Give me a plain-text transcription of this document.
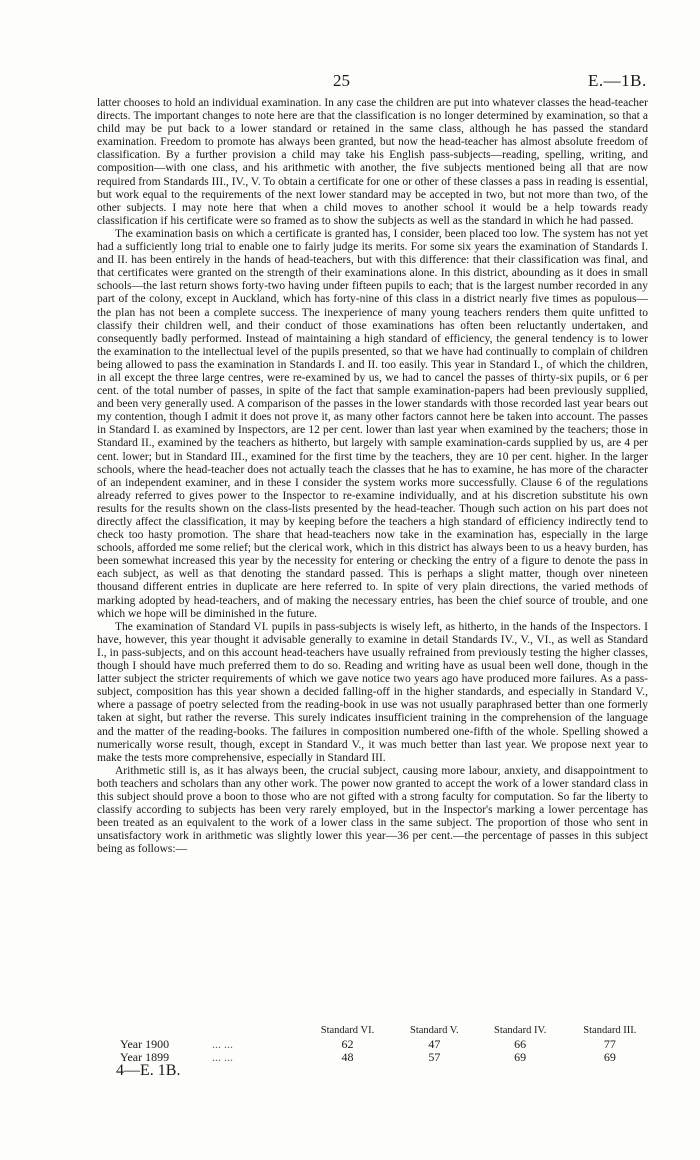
25	E.—1B.

latter chooses to hold an individual examination. In any case the children are put into whatever classes the head-teacher directs. The important changes to note here are that the classification is no longer determined by examination, so that a child may be put back to a lower standard or retained in the same class, although he has passed the standard examination. Freedom to promote has always been granted, but now the head-teacher has almost absolute freedom of classification. By a further provision a child may take his English pass-subjects—reading, spelling, writing, and composition—with one class, and his arithmetic with another, the five subjects mentioned being all that are now required from Standards III., IV., V. To obtain a certificate for one or other of these classes a pass in reading is essential, but work equal to the requirements of the next lower standard may be accepted in two, but not more than two, of the other subjects. I may note here that when a child moves to another school it would be a help towards ready classification if his certificate were so framed as to show the subjects as well as the standard in which he had passed.

The examination basis on which a certificate is granted has, I consider, been placed too low. The system has not yet had a sufficiently long trial to enable one to fairly judge its merits. For some six years the examination of Standards I. and II. has been entirely in the hands of head-teachers, but with this difference: that their classification was final, and that certificates were granted on the strength of their examinations alone. In this district, abounding as it does in small schools—the last return shows forty-two having under fifteen pupils to each; that is the largest number recorded in any part of the colony, except in Auckland, which has forty-nine of this class in a district nearly five times as populous—the plan has not been a complete success. The inexperience of many young teachers renders them quite unfitted to classify their children well, and their conduct of those examinations has often been reluctantly undertaken, and consequently badly performed. Instead of maintaining a high standard of efficiency, the general tendency is to lower the examination to the intellectual level of the pupils presented, so that we have had continually to complain of children being allowed to pass the examination in Standards I. and II. too easily. This year in Standard I., of which the children, in all except the three large centres, were re-examined by us, we had to cancel the passes of thirty-six pupils, or 6 per cent. of the total number of passes, in spite of the fact that sample examination-papers had been previously supplied, and been very generally used. A comparison of the passes in the lower standards with those recorded last year bears out my contention, though I admit it does not prove it, as many other factors cannot here be taken into account. The passes in Standard I. as examined by Inspectors, are 12 per cent. lower than last year when examined by the teachers; those in Standard II., examined by the teachers as hitherto, but largely with sample examination-cards supplied by us, are 4 per cent. lower; but in Standard III., examined for the first time by the teachers, they are 10 per cent. higher. In the larger schools, where the head-teacher does not actually teach the classes that he has to examine, he has more of the character of an independent examiner, and in these I consider the system works more successfully. Clause 6 of the regulations already referred to gives power to the Inspector to re-examine individually, and at his discretion substitute his own results for the results shown on the class-lists presented by the head-teacher. Though such action on his part does not directly affect the classification, it may by keeping before the teachers a high standard of efficiency indirectly tend to check too hasty promotion. The share that head-teachers now take in the examination has, especially in the large schools, afforded me some relief; but the clerical work, which in this district has always been to us a heavy burden, has been somewhat increased this year by the necessity for entering or checking the entry of a figure to denote the pass in each subject, as well as that denoting the standard passed. This is perhaps a slight matter, though over nineteen thousand different entries in duplicate are here referred to. In spite of very plain directions, the varied methods of marking adopted by head-teachers, and of making the necessary entries, has been the chief source of trouble, and one which we hope will be diminished in the future.

The examination of Standard VI. pupils in pass-subjects is wisely left, as hitherto, in the hands of the Inspectors. I have, however, this year thought it advisable generally to examine in detail Standards IV., V., VI., as well as Standard I., in pass-subjects, and on this account head-teachers have usually refrained from previously testing the higher classes, though I should have much preferred them to do so. Reading and writing have as usual been well done, though in the latter subject the stricter requirements of which we gave notice two years ago have produced more failures. As a pass-subject, composition has this year shown a decided falling-off in the higher standards, and especially in Standard V., where a passage of poetry selected from the reading-book in use was not usually paraphrased better than one formerly taken at sight, but rather the reverse. This surely indicates insufficient training in the comprehension of the language and the matter of the reading-books. The failures in composition numbered one-fifth of the whole. Spelling showed a numerically worse result, though, except in Standard V., it was much better than last year. We propose next year to make the tests more comprehensive, especially in Standard III.

Arithmetic still is, as it has always been, the crucial subject, causing more labour, anxiety, and disappointment to both teachers and scholars than any other work. The power now granted to accept the work of a lower standard class in this subject should prove a boon to those who are not gifted with a strong faculty for computation. So far the liberty to classify according to subjects has been very rarely employed, but in the Inspector's marking a lower percentage has been treated as an equivalent to the work of a lower class in the same subject. The proportion of those who sent in unsatisfactory work in arithmetic was slightly lower this year—36 per cent.—the percentage of passes in this subject being as follows:—

		Standard VI.	Standard V.	Standard IV.	Standard III.
Year 1900	... ...	62	47	66	77
Year 1899	... ...	48	57	69	69
4—E. 1B.
